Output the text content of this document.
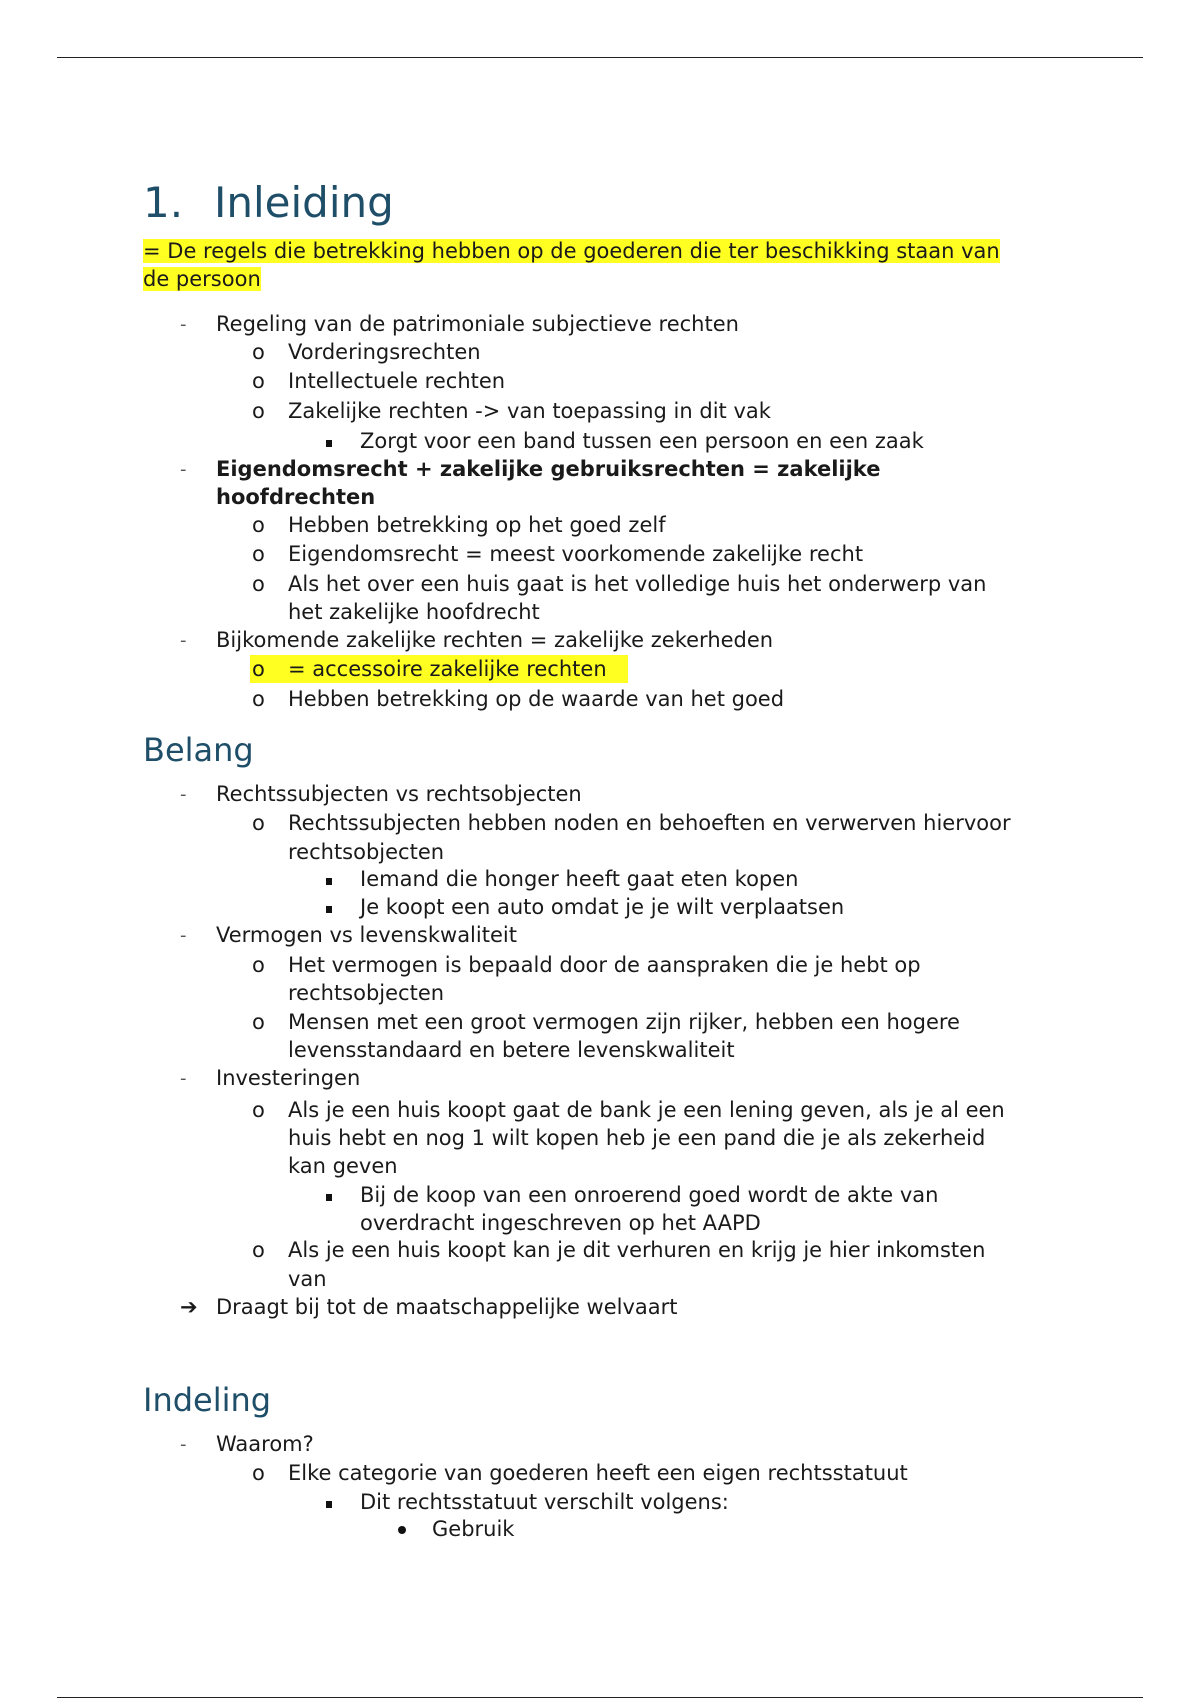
1. Inleiding
= De regels die betrekking hebben op de goederen die ter beschikking staan van
de persoon
- Regeling van de patrimoniale subjectieve rechten
o Vorderingsrechten
o Intellectuele rechten
o Zakelijke rechten -> van toepassing in dit vak
Zorgt voor een band tussen een persoon en een zaak
- Eigendomsrecht + zakelijke gebruiksrechten = zakelijke
hoofdrechten
o Hebben betrekking op het goed zelf
o Eigendomsrecht = meest voorkomende zakelijke recht
o Als het over een huis gaat is het volledige huis het onderwerp van
het zakelijke hoofdrecht
- Bijkomende zakelijke rechten = zakelijke zekerheden
o = accessoire zakelijke rechten
o Hebben betrekking op de waarde van het goed
Belang
- Rechtssubjecten vs rechtsobjecten
o Rechtssubjecten hebben noden en behoeften en verwerven hiervoor
rechtsobjecten
Iemand die honger heeft gaat eten kopen
Je koopt een auto omdat je je wilt verplaatsen
- Vermogen vs levenskwaliteit
o Het vermogen is bepaald door de aanspraken die je hebt op
rechtsobjecten
o Mensen met een groot vermogen zijn rijker, hebben een hogere
levensstandaard en betere levenskwaliteit
- Investeringen
o Als je een huis koopt gaat de bank je een lening geven, als je al een
huis hebt en nog 1 wilt kopen heb je een pand die je als zekerheid
kan geven
Bij de koop van een onroerend goed wordt de akte van
overdracht ingeschreven op het AAPD
o Als je een huis koopt kan je dit verhuren en krijg je hier inkomsten
van
➔ Draagt bij tot de maatschappelijke welvaart
Indeling
- Waarom?
o Elke categorie van goederen heeft een eigen rechtsstatuut
Dit rechtsstatuut verschilt volgens:
Gebruik
